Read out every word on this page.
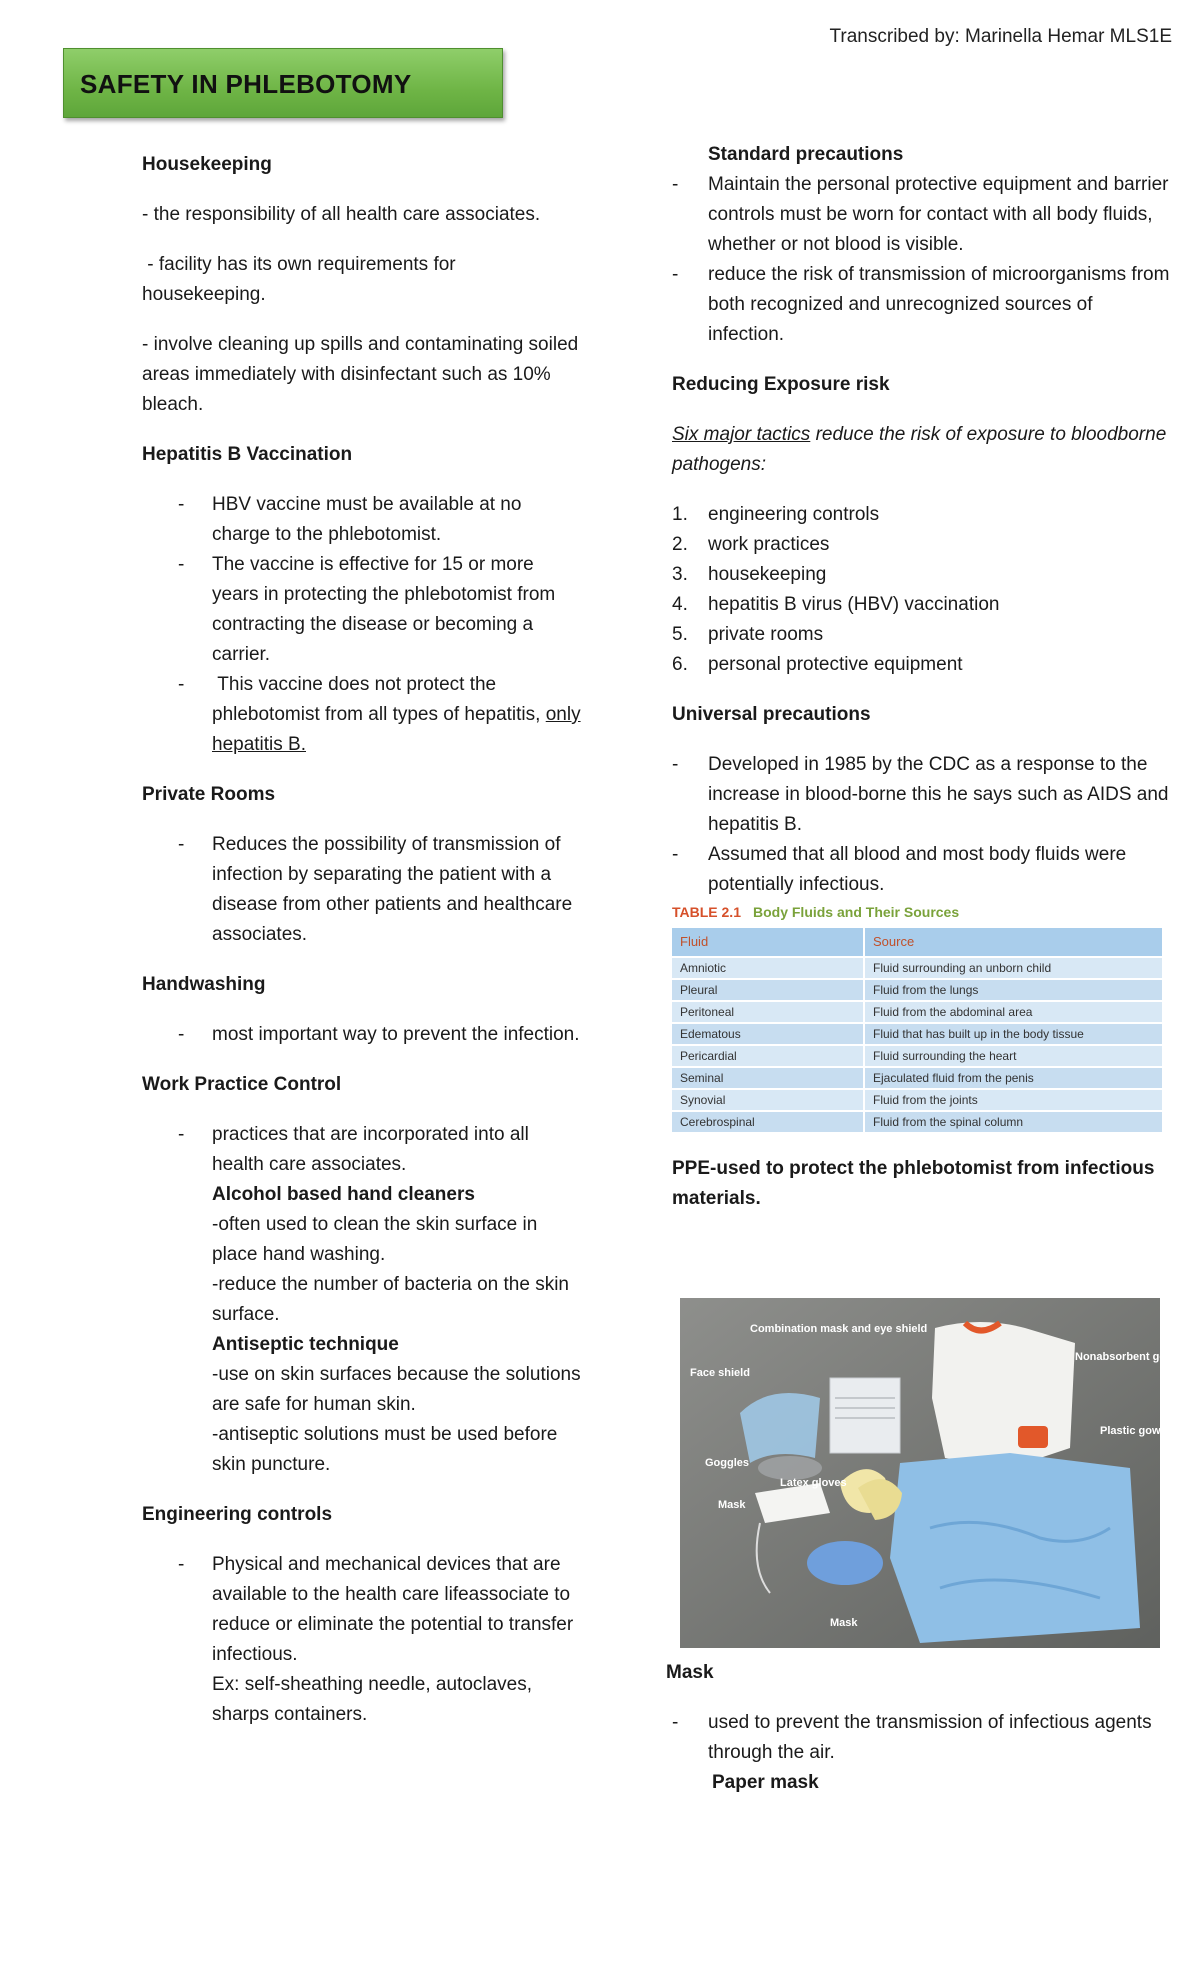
Transcribed by: Marinella Hemar MLS1E
SAFETY IN PHLEBOTOMY
Housekeeping

- the responsibility of all health care associates.

- facility has its own requirements for housekeeping.

- involve cleaning up spills and contaminating soiled areas immediately with disinfectant such as 10% bleach.

Hepatitis B Vaccination
- HBV vaccine must be available at no charge to the phlebotomist.
- The vaccine is effective for 15 or more years in protecting the phlebotomist from contracting the disease or becoming a carrier.
- This vaccine does not protect the phlebotomist from all types of hepatitis, only hepatitis B.
Private Rooms
- Reduces the possibility of transmission of infection by separating the patient with a disease from other patients and healthcare associates.
Handwashing
- most important way to prevent the infection.
Work Practice Control
- practices that are incorporated into all health care associates.
Alcohol based hand cleaners
-often used to clean the skin surface in place hand washing.
-reduce the number of bacteria on the skin surface.
Antiseptic technique
-use on skin surfaces because the solutions are safe for human skin.
-antiseptic solutions must be used before skin puncture.
Engineering controls
- Physical and mechanical devices that are available to the health care lifeassociate to reduce or eliminate the potential to transfer infectious.
Ex: self-sheathing needle, autoclaves, sharps containers.
Standard precautions
- Maintain the personal protective equipment and barrier controls must be worn for contact with all body fluids, whether or not blood is visible.
- reduce the risk of transmission of microorganisms from both recognized and unrecognized sources of infection.
Reducing Exposure risk

Six major tactics reduce the risk of exposure to bloodborne pathogens:

1. engineering controls
2. work practices
3. housekeeping
4. hepatitis B virus (HBV) vaccination
5. private rooms
6. personal protective equipment
Universal precautions
- Developed in 1985 by the CDC as a response to the increase in blood-borne this he says such as AIDS and hepatitis B.
- Assumed that all blood and most body fluids were potentially infectious.
TABLE 2.1 Body Fluids and Their Sources
Fluid	Source
Amniotic	Fluid surrounding an unborn child
Pleural	Fluid from the lungs
Peritoneal	Fluid from the abdominal area
Edematous	Fluid that has built up in the body tissue
Pericardial	Fluid surrounding the heart
Seminal	Ejaculated fluid from the penis
Synovial	Fluid from the joints
Cerebrospinal	Fluid from the spinal column

PPE-used to protect the phlebotomist from infectious materials.

Combination mask and eye shield
Face shield
Goggles
Latex gloves
Mask
Mask
Nonabsorbent gown
Plastic gown
Mask
- used to prevent the transmission of infectious agents through the air.
Paper mask
